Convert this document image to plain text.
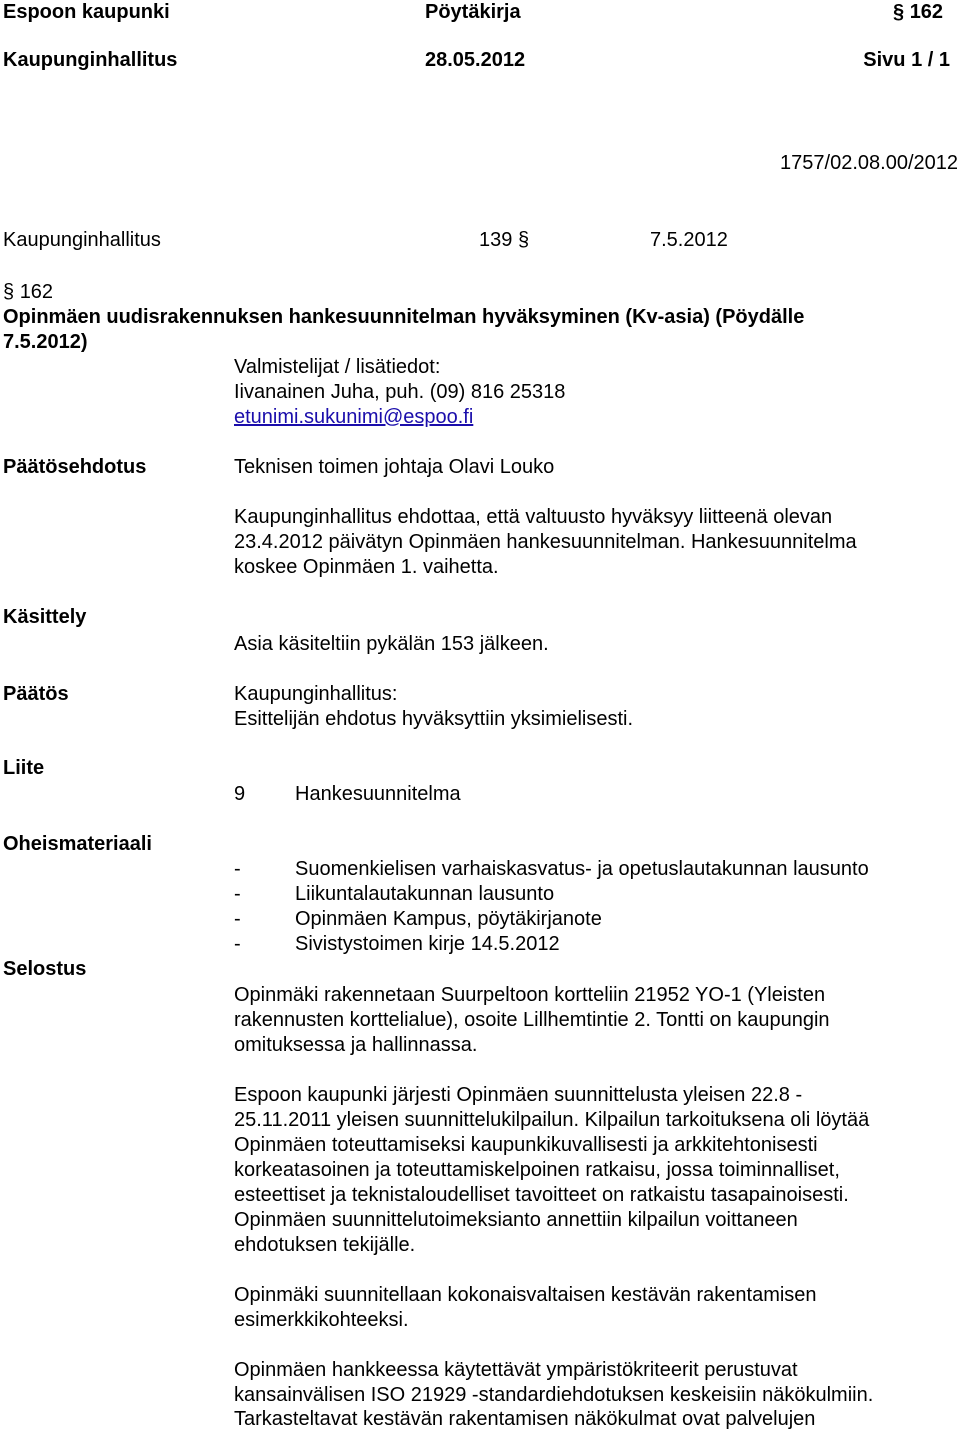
Espoon kaupunki	Pöytäkirja	§ 162
Kaupunginhallitus	28.05.2012	Sivu 1 / 1
1757/02.08.00/2012
Kaupunginhallitus	139 §	7.5.2012
§ 162
Opinmäen uudisrakennuksen hankesuunnitelman hyväksyminen (Kv-asia) (Pöydälle
7.5.2012)
Valmistelijat / lisätiedot:
Iivanainen Juha, puh. (09) 816 25318
etunimi.sukunimi@espoo.fi
Päätösehdotus	Teknisen toimen johtaja Olavi Louko
Kaupunginhallitus ehdottaa, että valtuusto hyväksyy liitteenä olevan
23.4.2012 päivätyn Opinmäen hankesuunnitelman. Hankesuunnitelma
koskee Opinmäen 1. vaihetta.
Käsittely
Asia käsiteltiin pykälän 153 jälkeen.
Päätös	Kaupunginhallitus:
Esittelijän ehdotus hyväksyttiin yksimielisesti.
Liite
9 Hankesuunnitelma
Oheismateriaali
-	Suomenkielisen varhaiskasvatus- ja opetuslautakunnan lausunto
-	Liikuntalautakunnan lausunto
-	Opinmäen Kampus, pöytäkirjanote
-	Sivistystoimen kirje 14.5.2012
Selostus
Opinmäki rakennetaan Suurpeltoon kortteliin 21952 YO-1 (Yleisten
rakennusten korttelialue), osoite Lillhemtintie 2. Tontti on kaupungin
omituksessa ja hallinnassa.
Espoon kaupunki järjesti Opinmäen suunnittelusta yleisen 22.8 -
25.11.2011 yleisen suunnittelukilpailun. Kilpailun tarkoituksena oli löytää
Opinmäen toteuttamiseksi kaupunkikuvallisesti ja arkkitehtonisesti
korkeatasoinen ja toteuttamiskelpoinen ratkaisu, jossa toiminnalliset,
esteettiset ja teknistaloudelliset tavoitteet on ratkaistu tasapainoisesti.
Opinmäen suunnittelutoimeksianto annettiin kilpailun voittaneen
ehdotuksen tekijälle.
Opinmäki suunnitellaan kokonaisvaltaisen kestävän rakentamisen
esimerkkikohteeksi.
Opinmäen hankkeessa käytettävät ympäristökriteerit perustuvat
kansainvälisen ISO 21929 -standardiehdotuksen keskeisiin näkökulmiin.
Tarkasteltavat kestävän rakentamisen näkökulmat ovat palvelujen
